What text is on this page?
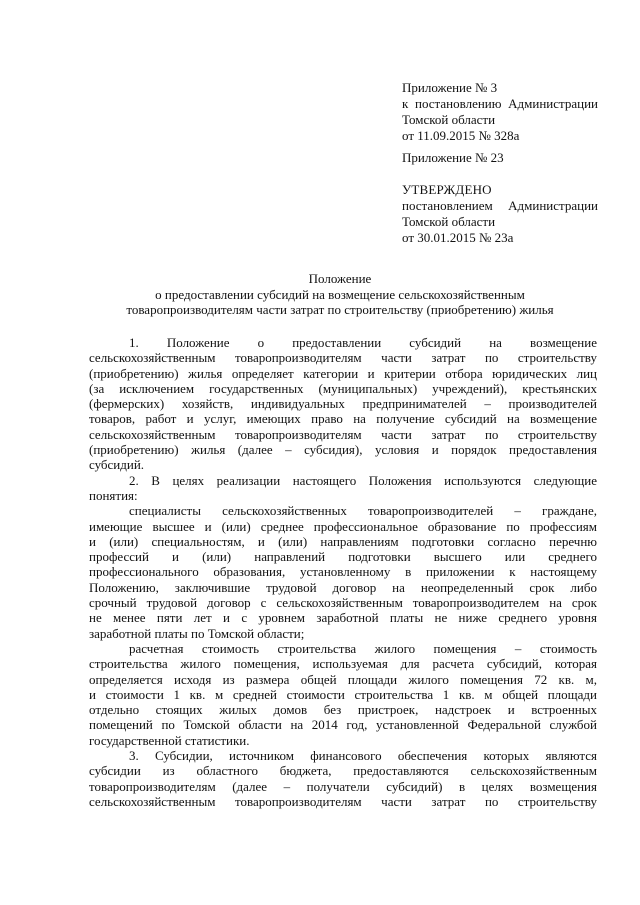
Приложение № 3
к постановлению Администрации
Томской области
от 11.09.2015 № 328а
Приложение № 23
УТВЕРЖДЕНО
постановлением Администрации
Томской области
от 30.01.2015 № 23а
Положение
о предоставлении субсидий на возмещение сельскохозяйственным
товаропроизводителям части затрат по строительству (приобретению) жилья
1. Положение о предоставлении субсидий на возмещение
сельскохозяйственным товаропроизводителям части затрат по строительству
(приобретению) жилья определяет категории и критерии отбора юридических лиц
(за исключением государственных (муниципальных) учреждений), крестьянских
(фермерских) хозяйств, индивидуальных предпринимателей – производителей
товаров, работ и услуг, имеющих право на получение субсидий на возмещение
сельскохозяйственным товаропроизводителям части затрат по строительству
(приобретению) жилья (далее – субсидия), условия и порядок предоставления
субсидий.
2. В целях реализации настоящего Положения используются следующие
понятия:
специалисты сельскохозяйственных товаропроизводителей – граждане,
имеющие высшее и (или) среднее профессиональное образование по профессиям
и (или) специальностям, и (или) направлениям подготовки согласно перечню
профессий и (или) направлений подготовки высшего или среднего
профессионального образования, установленному в приложении к настоящему
Положению, заключившие трудовой договор на неопределенный срок либо
срочный трудовой договор с сельскохозяйственным товаропроизводителем на срок
не менее пяти лет и с уровнем заработной платы не ниже среднего уровня
заработной платы по Томской области;
расчетная стоимость строительства жилого помещения – стоимость
строительства жилого помещения, используемая для расчета субсидий, которая
определяется исходя из размера общей площади жилого помещения 72 кв. м,
и стоимости 1 кв. м средней стоимости строительства 1 кв. м общей площади
отдельно стоящих жилых домов без пристроек, надстроек и встроенных
помещений по Томской области на 2014 год, установленной Федеральной службой
государственной статистики.
3. Субсидии, источником финансового обеспечения которых являются
субсидии из областного бюджета, предоставляются сельскохозяйственным
товаропроизводителям (далее – получатели субсидий) в целях возмещения
сельскохозяйственным товаропроизводителям части затрат по строительству
